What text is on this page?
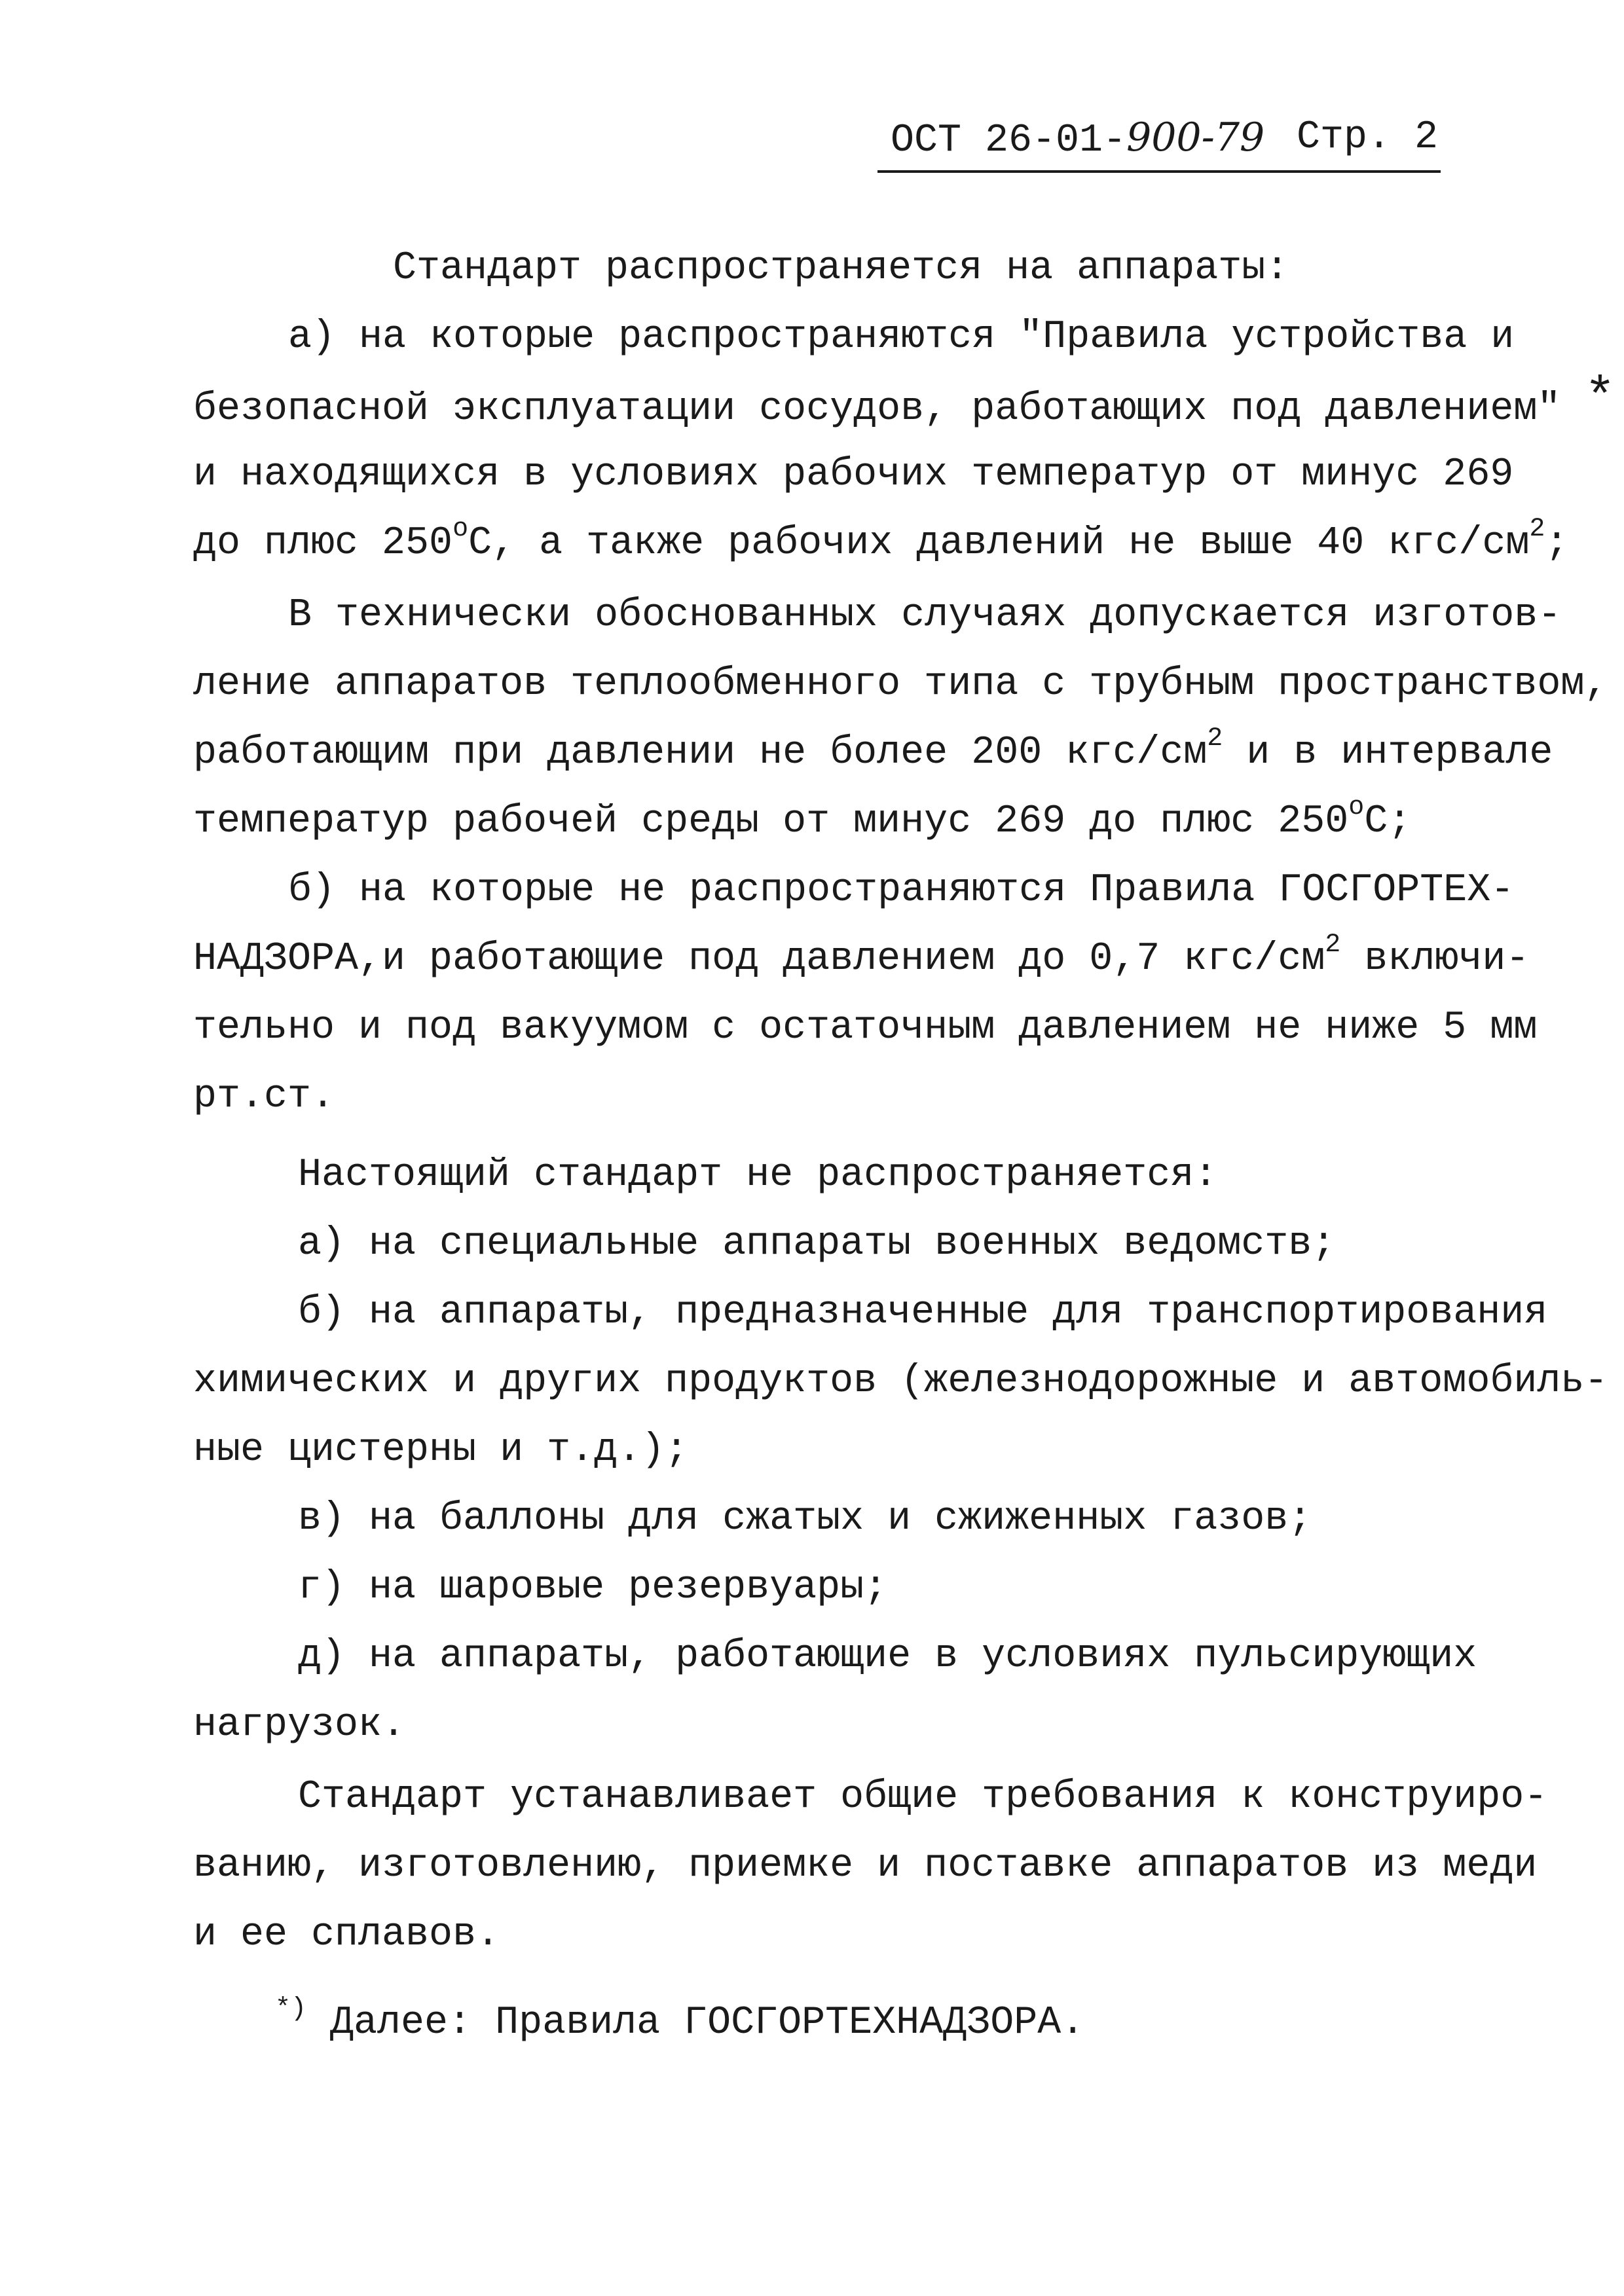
ОСТ 26-01-900-79 Стр. 2
Стандарт распространяется на аппараты:
а) на которые распространяются "Правила устройства и
безопасной эксплуатации сосудов, работающих под давлением" *
и находящихся в условиях рабочих температур от минус 269
до плюс 250$^o$С, а также рабочих давлений не выше 40 кгс/$см^2$;
В технически обоснованных случаях допускается изготов-
ление аппаратов теплообменного типа с трубным пространством,
работающим при давлении не более 200 кгс/$см^2$ и в интервале
температур рабочей среды от минус 269 до плюс 250$^o$С;
б) на которые не распространяются Правила ГОСГОРТЕХ-
НАДЗОРА,и работающие под давлением до 0,7 кгс/$см^2$ включи-
тельно и под вакуумом с остаточным давлением не ниже 5 мм
рт.ст.
Настоящий стандарт не распространяется:
а) на специальные аппараты военных ведомств;
б) на аппараты, предназначенные для транспортирования
химических и других продуктов (железнодорожные и автомобиль-
ные цистерны и т.д.);
в) на баллоны для сжатых и сжиженных газов;
г) на шаровые резервуары;
д) на аппараты, работающие в условиях пульсирующих
нагрузок.
Стандарт устанавливает общие требования к конструиро-
ванию, изготовлению, приемке и поставке аппаратов из меди
и ее сплавов.
*) Далее: Правила ГОСГОРТЕХНАДЗОРА.
